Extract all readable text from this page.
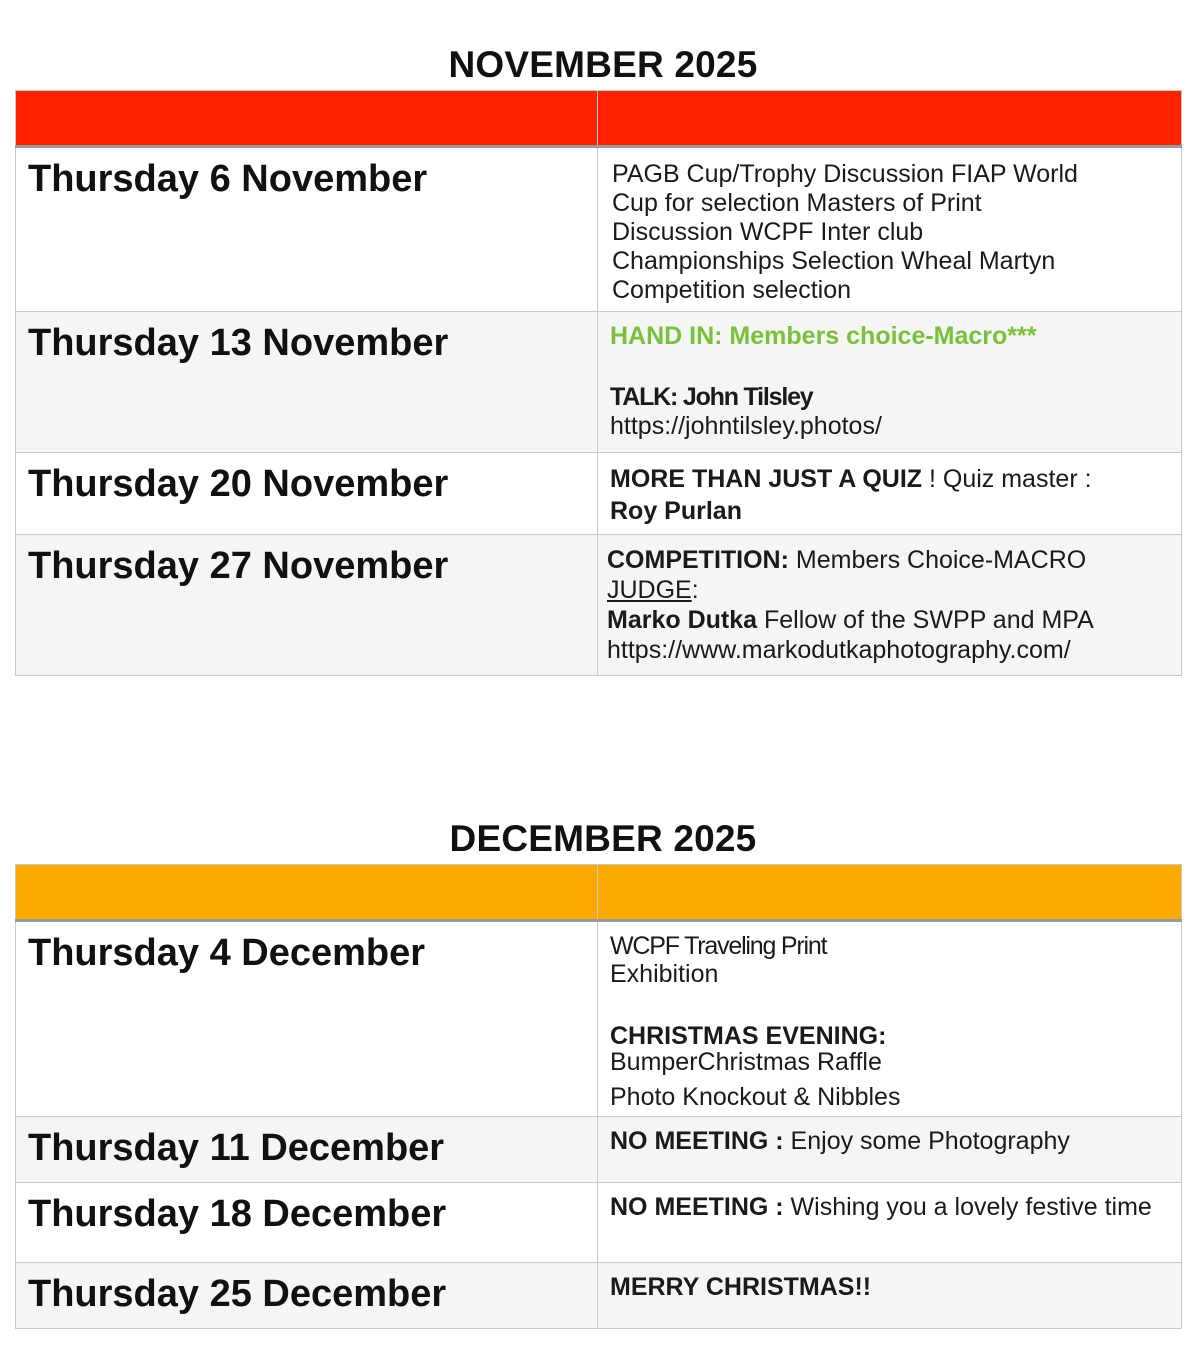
NOVEMBER 2025

Thursday 6 November	PAGB Cup/Trophy Discussion FIAP World
Cup for selection Masters of Print
Discussion WCPF Inter club
Championships Selection Wheal Martyn
Competition selection

Thursday 13 November	HAND IN: Members choice-Macro***
TALK: John Tilsley
https://johntilsley.photos/

Thursday 20 November	MORE THAN JUST A QUIZ ! Quiz master :
Roy Purlan

Thursday 27 November	COMPETITION: Members Choice-MACRO
JUDGE:
Marko Dutka Fellow of the SWPP and MPA
https://www.markodutkaphotography.com/
DECEMBER 2025

Thursday 4 December	WCPF Traveling Print
Exhibition
CHRISTMAS EVENING:
BumperChristmas Raffle
Photo Knockout & Nibbles

Thursday 11 December	NO MEETING : Enjoy some Photography
Thursday 18 December	NO MEETING : Wishing you a lovely festive time
Thursday 25 December	MERRY CHRISTMAS!!
